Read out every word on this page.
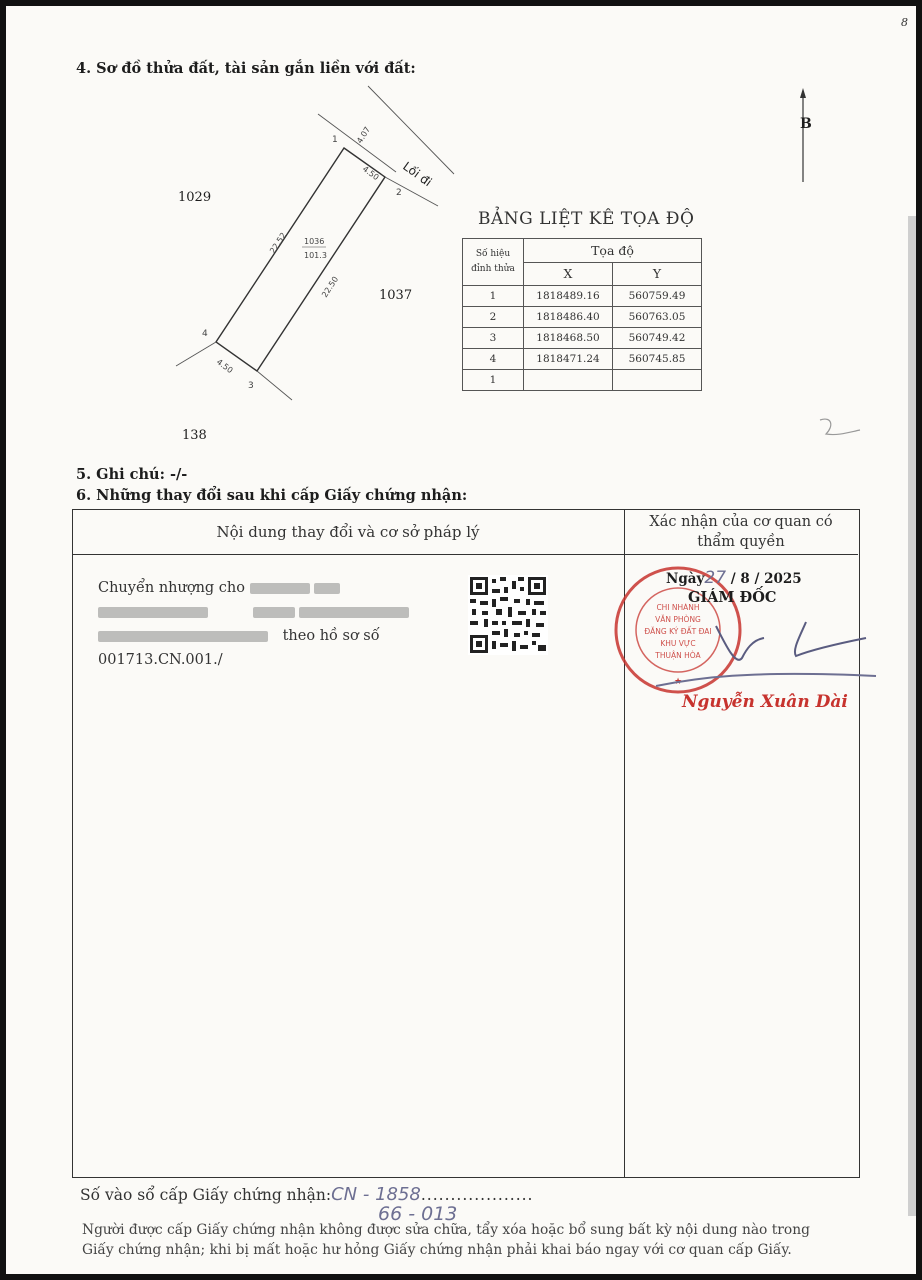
8
4. Sơ đồ thửa đất, tài sản gắn liền với đất:
1
2
3
4
4.07
4.50
4.50
22.52
22.50
1036
101.3
Lối đi
1029
1037
138
B
BẢNG LIỆT KÊ TỌA ĐỘ
Số hiệu đỉnh thửa	Tọa độ	
	X	Y
1	1818489.16	560759.49
2	1818486.40	560763.05
3	1818468.50	560749.42
4	1818471.24	560745.85
1		
5. Ghi chú: -/-
6. Những thay đổi sau khi cấp Giấy chứng nhận:
Nội dung thay đổi và cơ sở pháp lý
Xác nhận của cơ quan có thẩm quyền
Chuyển nhượng cho

theo hồ sơ số
001713.CN.001./
CHI NHÁNH
VĂN PHÒNG
ĐĂNG KÝ ĐẤT ĐAI
KHU VỰC
THUẬN HÒA
★
Ngày27 / 8 / 2025
GIÁM ĐỐC
Nguyễn Xuân Dài
Số vào sổ cấp Giấy chứng nhận:CN - 1858...................
66 - 013
Người được cấp Giấy chứng nhận không được sửa chữa, tẩy xóa hoặc bổ sung bất kỳ nội dung nào trong
Giấy chứng nhận; khi bị mất hoặc hư hỏng Giấy chứng nhận phải khai báo ngay với cơ quan cấp Giấy.
